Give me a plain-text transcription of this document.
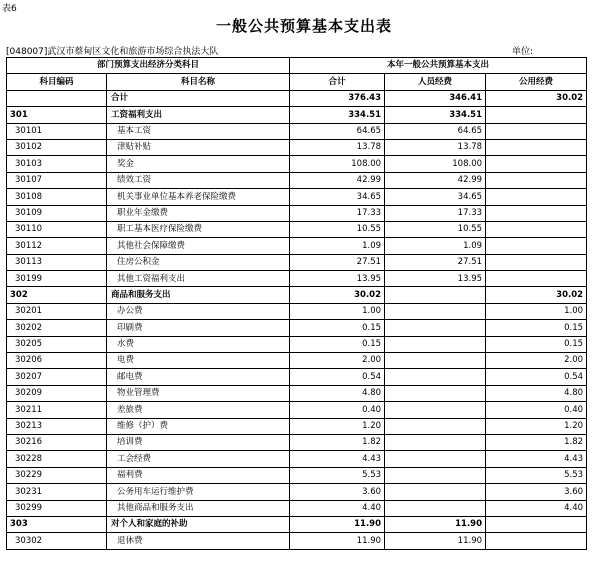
表6
一般公共预算基本支出表
[048007]武汉市蔡甸区文化和旅游市场综合执法大队	单位:
部门预算支出经济分类科目		本年一般公共预算基本支出		
科目编码	科目名称	合计	人员经费	公用经费
	合计	376.43	346.41	30.02
301	工资福利支出	334.51	334.51	
30101	基本工资	64.65	64.65	
30102	津贴补贴	13.78	13.78	
30103	奖金	108.00	108.00	
30107	绩效工资	42.99	42.99	
30108	机关事业单位基本养老保险缴费	34.65	34.65	
30109	职业年金缴费	17.33	17.33	
30110	职工基本医疗保险缴费	10.55	10.55	
30112	其他社会保障缴费	1.09	1.09	
30113	住房公积金	27.51	27.51	
30199	其他工资福利支出	13.95	13.95	
302	商品和服务支出	30.02		30.02
30201	办公费	1.00		1.00
30202	印刷费	0.15		0.15
30205	水费	0.15		0.15
30206	电费	2.00		2.00
30207	邮电费	0.54		0.54
30209	物业管理费	4.80		4.80
30211	差旅费	0.40		0.40
30213	维修（护）费	1.20		1.20
30216	培训费	1.82		1.82
30228	工会经费	4.43		4.43
30229	福利费	5.53		5.53
30231	公务用车运行维护费	3.60		3.60
30299	其他商品和服务支出	4.40		4.40
303	对个人和家庭的补助	11.90	11.90	
30302	退休费	11.90	11.90	
